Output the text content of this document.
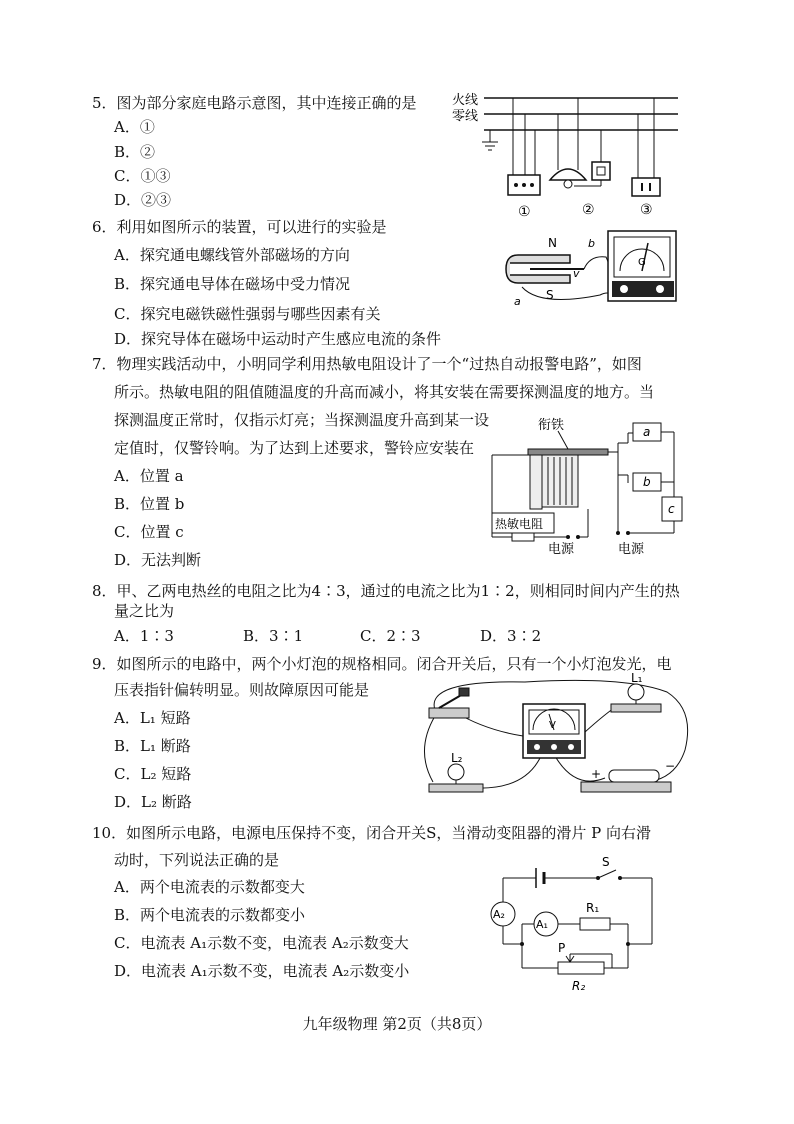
5．图为部分家庭电路示意图，其中连接正确的是
A．①
B．②
C．①③
D．②③
火线
零线
①	②	③
6．利用如图所示的装置，可以进行的实验是
A．探究通电螺线管外部磁场的方向
B．探究通电导体在磁场中受力情况
C．探究电磁铁磁性强弱与哪些因素有关
D．探究导体在磁场中运动时产生感应电流的条件
N
S
a
b
v
G
7．物理实践活动中，小明同学利用热敏电阻设计了一个“过热自动报警电路”，如图
所示。热敏电阻的阻值随温度的升高而减小，将其安装在需要探测温度的地方。当
探测温度正常时，仅指示灯亮；当探测温度升高到某一设
定值时，仅警铃响。为了达到上述要求，警铃应安装在
A．位置 a
B．位置 b
C．位置 c
D．无法判断
衔铁	a
b
c
热敏电阻
电源	电源
8．甲、乙两电热丝的电阻之比为4∶3，通过的电流之比为1∶2，则相同时间内产生的热
量之比为
A．1∶3	B．3∶1	C．2∶3	D．3∶2
9．如图所示的电路中，两个小灯泡的规格相同。闭合开关后，只有一个小灯泡发光，电
压表指针偏转明显。则故障原因可能是
A．L₁ 短路
B．L₁ 断路
C．L₂ 短路
D．L₂ 断路
V
L₁
L₂
+
−
10．如图所示电路，电源电压保持不变，闭合开关S，当滑动变阻器的滑片 P 向右滑
动时，下列说法正确的是
A．两个电流表的示数都变大
B．两个电流表的示数都变小
C．电流表 A₁示数不变，电流表 A₂示数变大
D．电流表 A₁示数不变，电流表 A₂示数变小
S
A₂
A₁
R₁
P
R₂
九年级物理 第2页（共8页）
